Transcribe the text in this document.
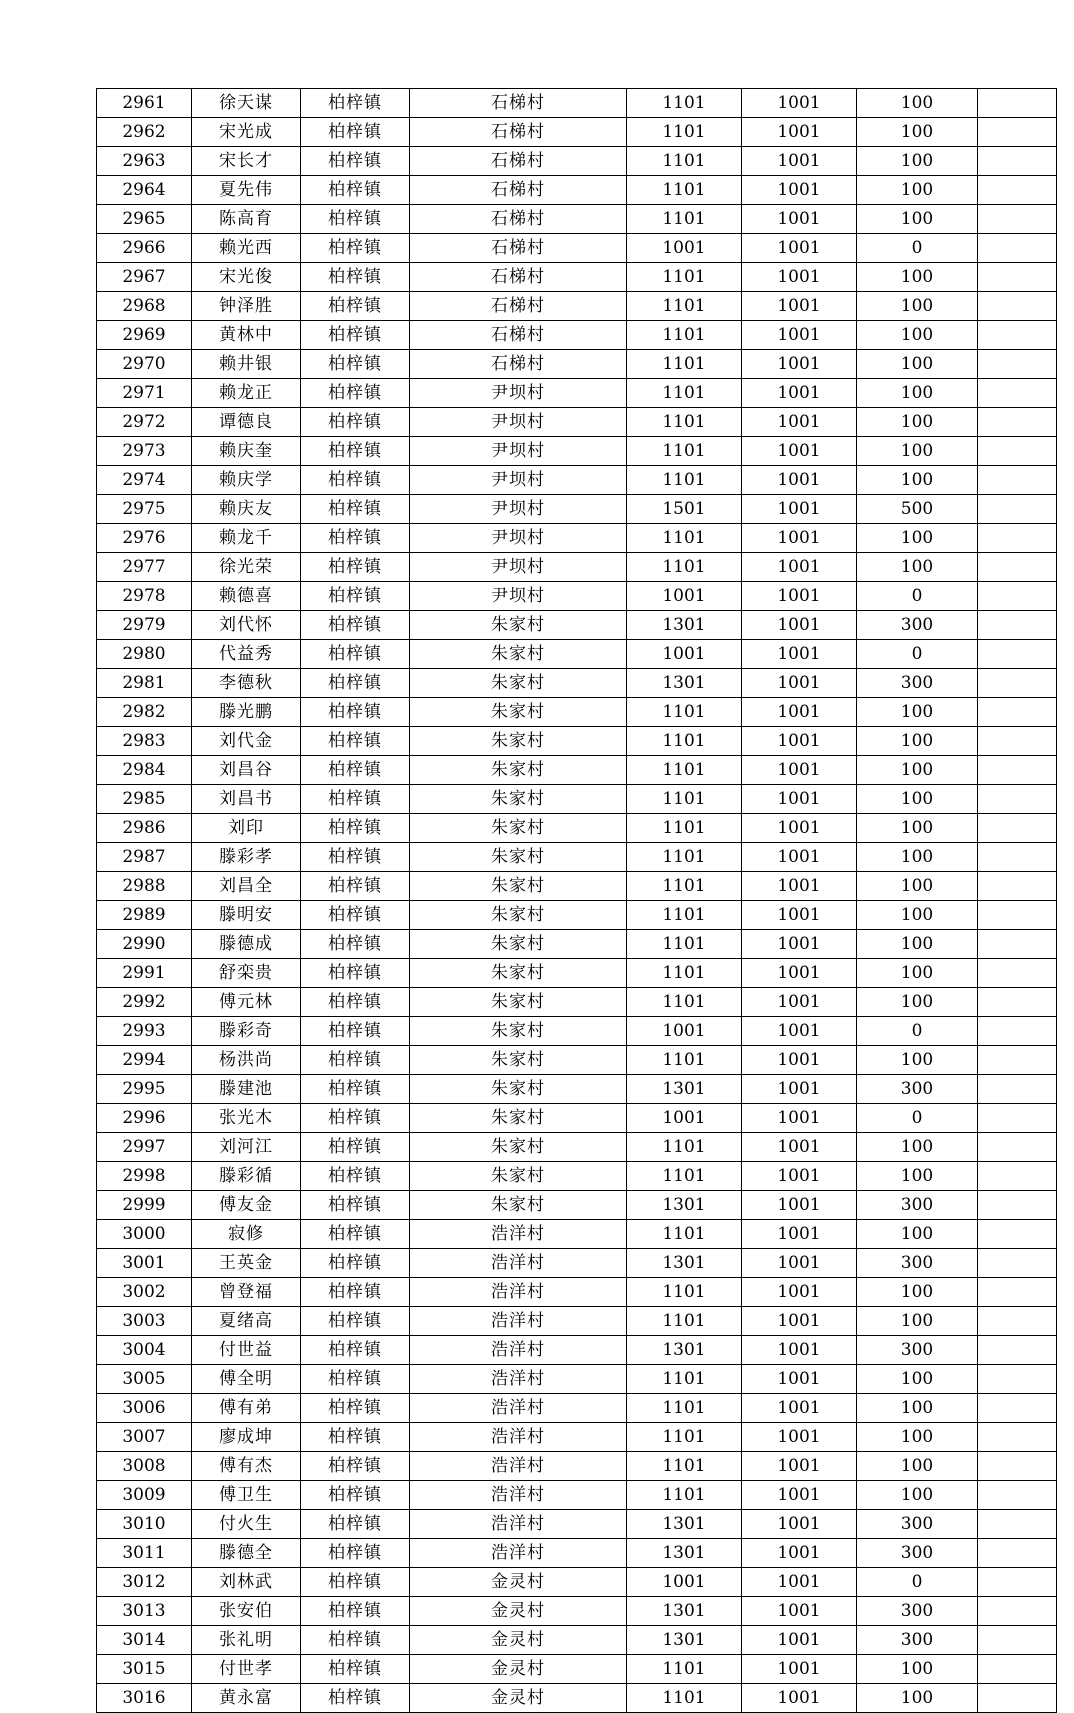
2961	徐天谋	柏梓镇	石梯村	1101	1001	100	
2962	宋光成	柏梓镇	石梯村	1101	1001	100	
2963	宋长才	柏梓镇	石梯村	1101	1001	100	
2964	夏先伟	柏梓镇	石梯村	1101	1001	100	
2965	陈高育	柏梓镇	石梯村	1101	1001	100	
2966	赖光西	柏梓镇	石梯村	1001	1001	0	
2967	宋光俊	柏梓镇	石梯村	1101	1001	100	
2968	钟泽胜	柏梓镇	石梯村	1101	1001	100	
2969	黄林中	柏梓镇	石梯村	1101	1001	100	
2970	赖井银	柏梓镇	石梯村	1101	1001	100	
2971	赖龙正	柏梓镇	尹坝村	1101	1001	100	
2972	谭德良	柏梓镇	尹坝村	1101	1001	100	
2973	赖庆奎	柏梓镇	尹坝村	1101	1001	100	
2974	赖庆学	柏梓镇	尹坝村	1101	1001	100	
2975	赖庆友	柏梓镇	尹坝村	1501	1001	500	
2976	赖龙千	柏梓镇	尹坝村	1101	1001	100	
2977	徐光荣	柏梓镇	尹坝村	1101	1001	100	
2978	赖德喜	柏梓镇	尹坝村	1001	1001	0	
2979	刘代怀	柏梓镇	朱家村	1301	1001	300	
2980	代益秀	柏梓镇	朱家村	1001	1001	0	
2981	李德秋	柏梓镇	朱家村	1301	1001	300	
2982	滕光鹏	柏梓镇	朱家村	1101	1001	100	
2983	刘代金	柏梓镇	朱家村	1101	1001	100	
2984	刘昌谷	柏梓镇	朱家村	1101	1001	100	
2985	刘昌书	柏梓镇	朱家村	1101	1001	100	
2986	刘印	柏梓镇	朱家村	1101	1001	100	
2987	滕彩孝	柏梓镇	朱家村	1101	1001	100	
2988	刘昌全	柏梓镇	朱家村	1101	1001	100	
2989	滕明安	柏梓镇	朱家村	1101	1001	100	
2990	滕德成	柏梓镇	朱家村	1101	1001	100	
2991	舒栾贵	柏梓镇	朱家村	1101	1001	100	
2992	傅元林	柏梓镇	朱家村	1101	1001	100	
2993	滕彩奇	柏梓镇	朱家村	1001	1001	0	
2994	杨洪尚	柏梓镇	朱家村	1101	1001	100	
2995	滕建池	柏梓镇	朱家村	1301	1001	300	
2996	张光木	柏梓镇	朱家村	1001	1001	0	
2997	刘河江	柏梓镇	朱家村	1101	1001	100	
2998	滕彩循	柏梓镇	朱家村	1101	1001	100	
2999	傅友金	柏梓镇	朱家村	1301	1001	300	
3000	寂修	柏梓镇	浩洋村	1101	1001	100	
3001	王英金	柏梓镇	浩洋村	1301	1001	300	
3002	曾登福	柏梓镇	浩洋村	1101	1001	100	
3003	夏绪高	柏梓镇	浩洋村	1101	1001	100	
3004	付世益	柏梓镇	浩洋村	1301	1001	300	
3005	傅全明	柏梓镇	浩洋村	1101	1001	100	
3006	傅有弟	柏梓镇	浩洋村	1101	1001	100	
3007	廖成坤	柏梓镇	浩洋村	1101	1001	100	
3008	傅有杰	柏梓镇	浩洋村	1101	1001	100	
3009	傅卫生	柏梓镇	浩洋村	1101	1001	100	
3010	付火生	柏梓镇	浩洋村	1301	1001	300	
3011	滕德全	柏梓镇	浩洋村	1301	1001	300	
3012	刘林武	柏梓镇	金灵村	1001	1001	0	
3013	张安伯	柏梓镇	金灵村	1301	1001	300	
3014	张礼明	柏梓镇	金灵村	1301	1001	300	
3015	付世孝	柏梓镇	金灵村	1101	1001	100	
3016	黄永富	柏梓镇	金灵村	1101	1001	100	
